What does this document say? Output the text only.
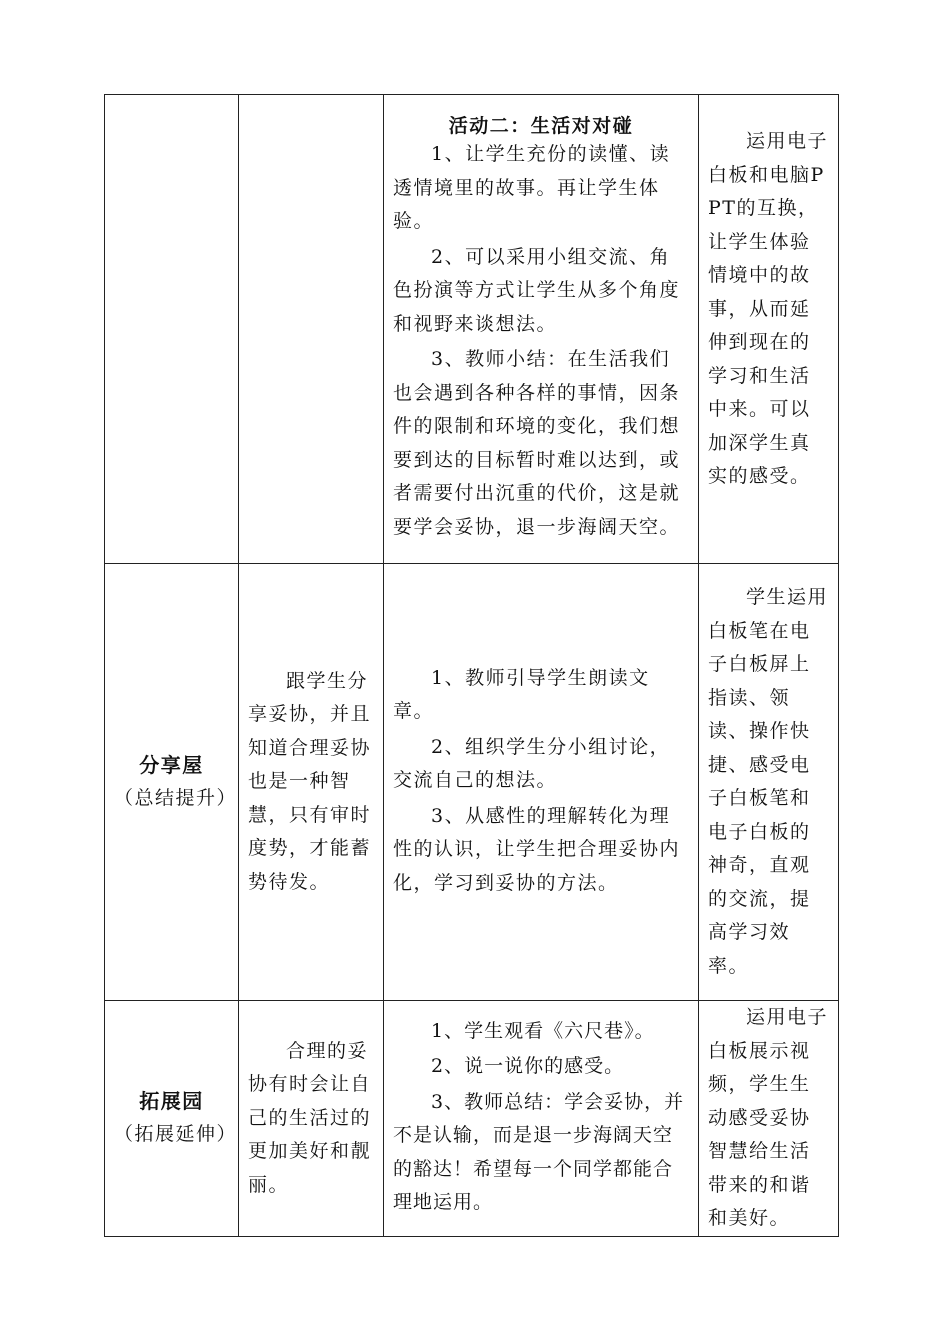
		活动二：生活对对碰
1、让学生充份的读懂、读透情境里的故事。再让学生体验。
2、可以采用小组交流、角色扮演等方式让学生从多个角度和视野来谈想法。
3、教师小结：在生活我们也会遇到各种各样的事情，因条件的限制和环境的变化，我们想要到达的目标暂时难以达到，或者需要付出沉重的代价，这是就要学会妥协，退一步海阔天空。	运用电子白板和电脑PPT的互换，让学生体验情境中的故事，从而延伸到现在的学习和生活中来。可以加深学生真实的感受。

分享屋
（总结提升）	跟学生分享妥协，并且知道合理妥协也是一种智慧，只有审时度势，才能蓄势待发。	1、教师引导学生朗读文章。
2、组织学生分小组讨论，交流自己的想法。
3、从感性的理解转化为理性的认识，让学生把合理妥协内化，学习到妥协的方法。	学生运用白板笔在电子白板屏上指读、领读、操作快捷、感受电子白板笔和电子白板的神奇，直观的交流，提高学习效率。

拓展园
（拓展延伸）	合理的妥协有时会让自己的生活过的更加美好和靓丽。	1、学生观看《六尺巷》。
2、说一说你的感受。
3、教师总结：学会妥协，并不是认输，而是退一步海阔天空的豁达！希望每一个同学都能合理地运用。	运用电子白板展示视频，学生生动感受妥协智慧给生活带来的和谐和美好。
